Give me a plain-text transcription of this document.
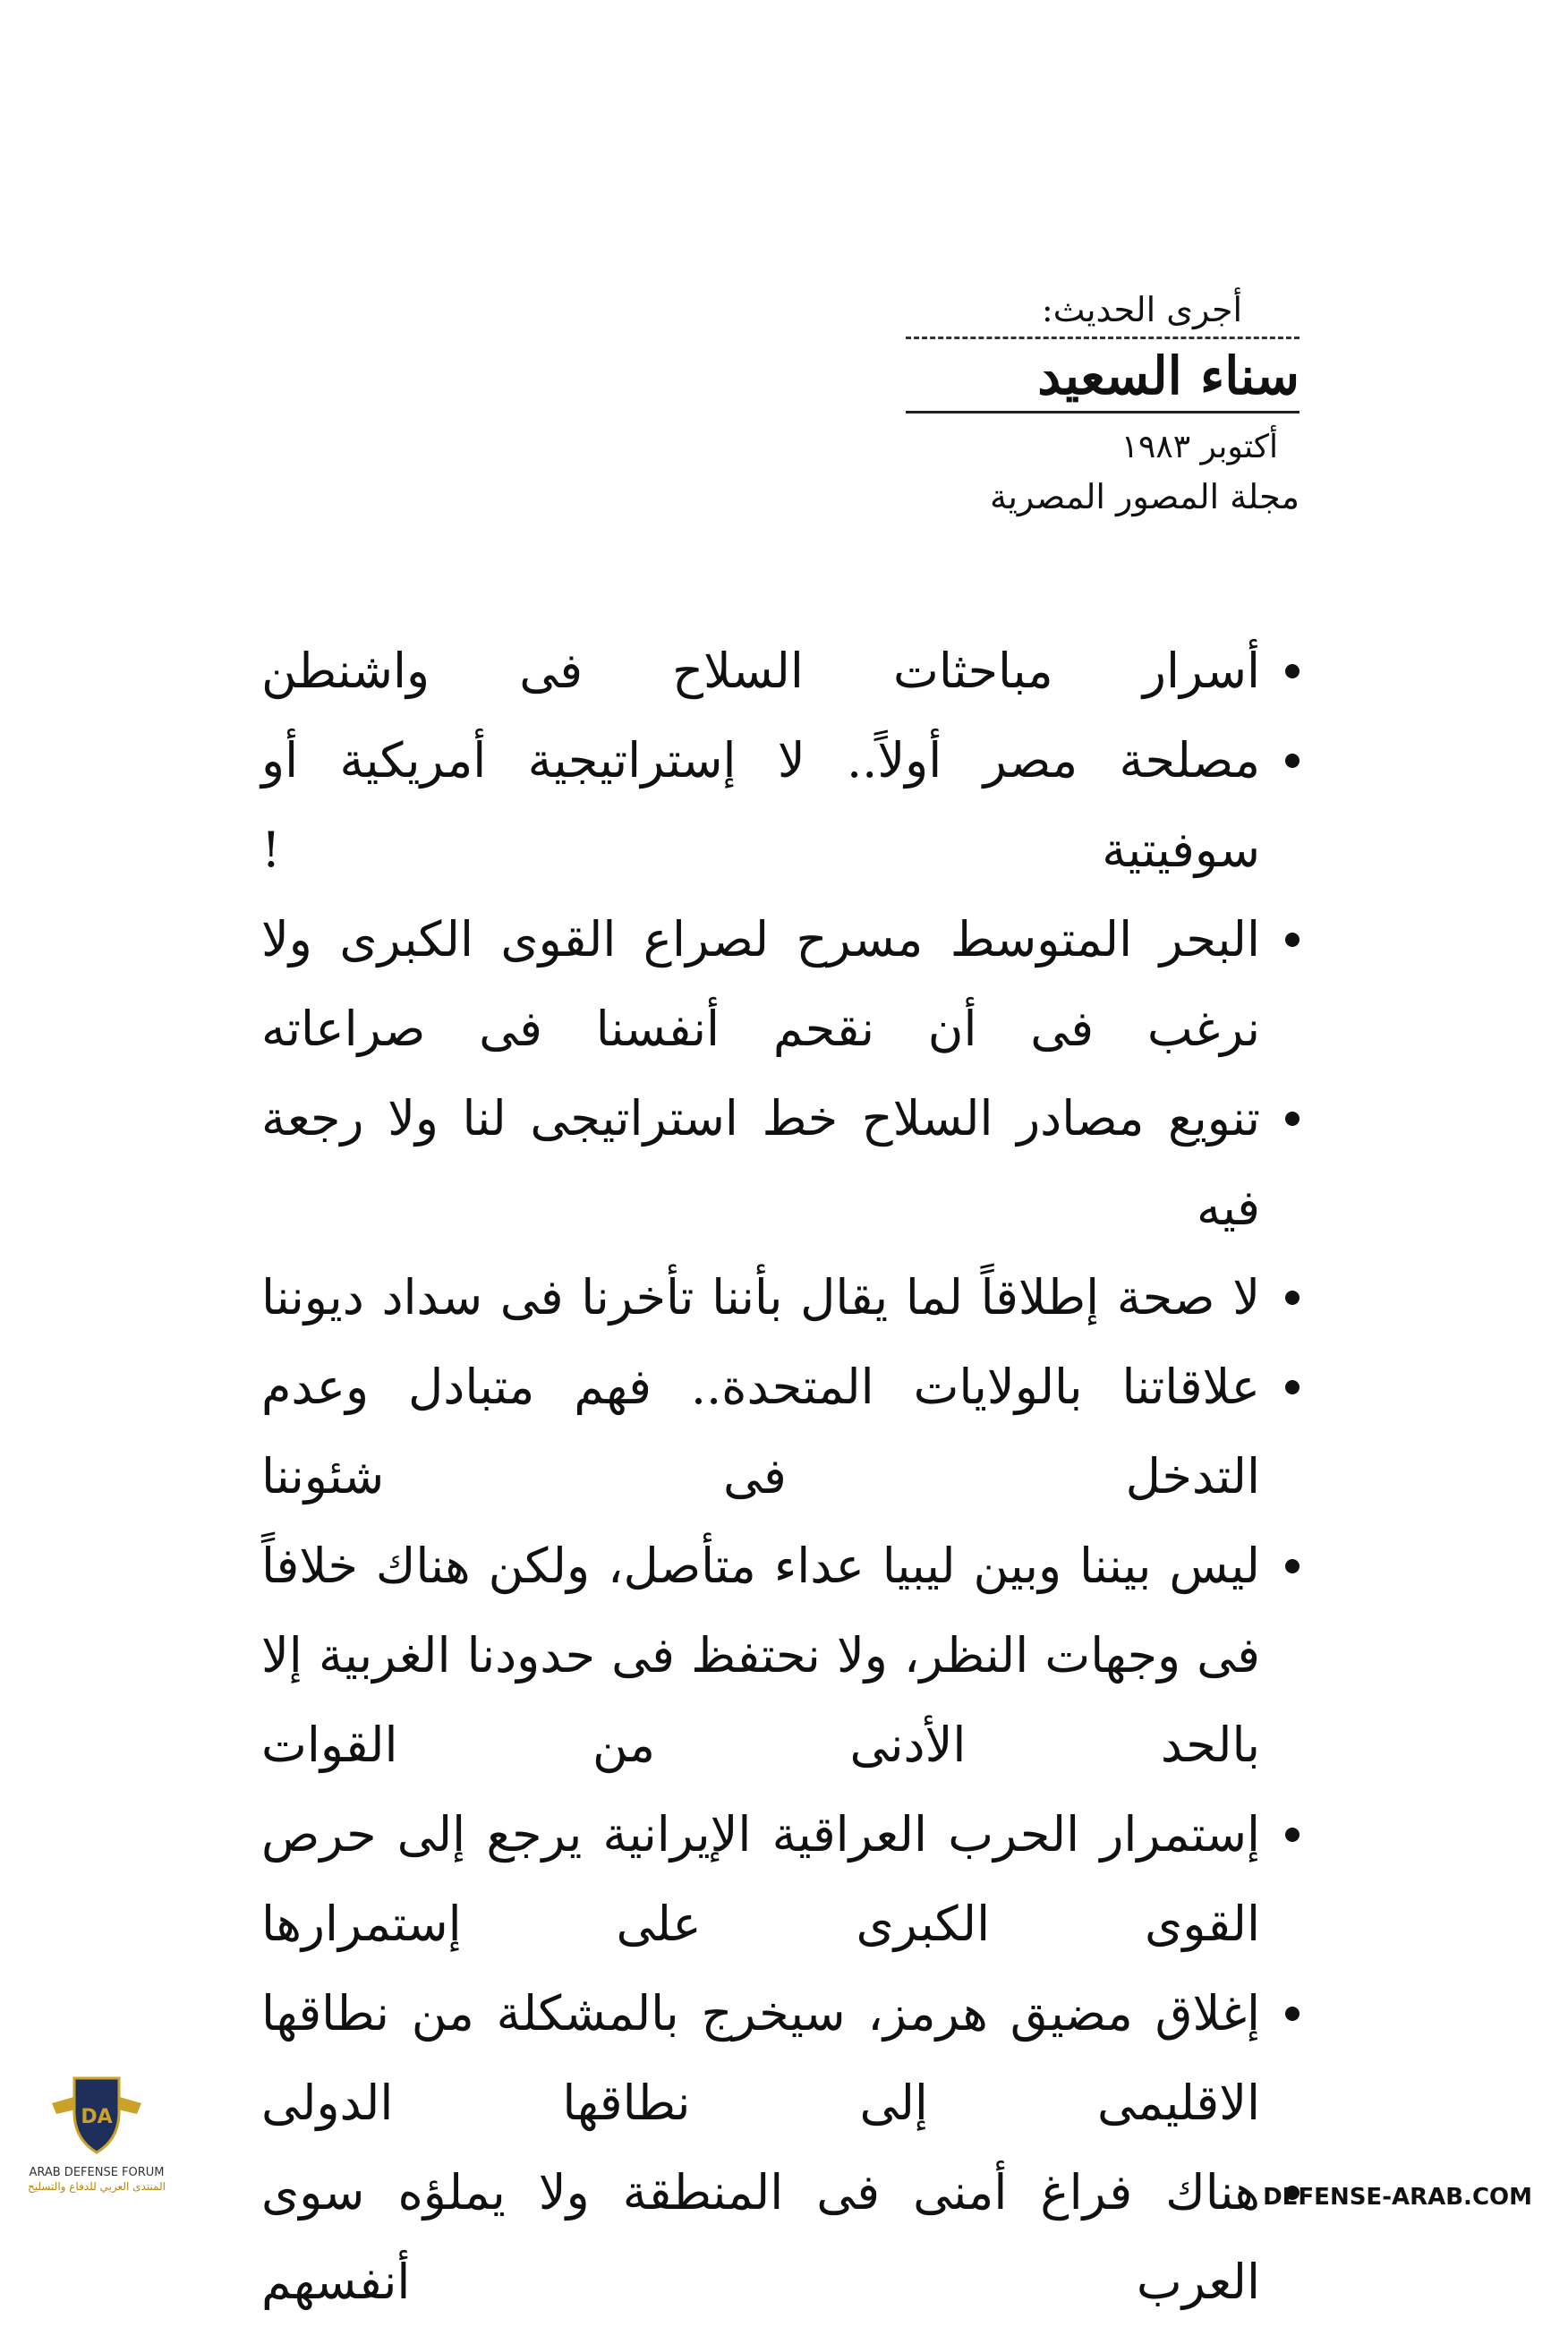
أجرى الحديث:
سناء السعيد
أكتوبر ١٩٨٣
مجلة المصور المصرية
أسرار مباحثات السلاح فى واشنطن
مصلحة مصر أولاً.. لا إستراتيجية أمريكية أو سوفيتية !
البحر المتوسط مسرح لصراع القوى الكبرى ولا نرغب فى أن نقحم أنفسنا فى صراعاته
تنويع مصادر السلاح خط استراتيجى لنا ولا رجعة فيه
لا صحة إطلاقاً لما يقال بأننا تأخرنا فى سداد ديوننا
علاقاتنا بالولايات المتحدة.. فهم متبادل وعدم التدخل فى شئوننا
ليس بيننا وبين ليبيا عداء متأصل، ولكن هناك خلافاً فى وجهات النظر، ولا نحتفظ فى حدودنا الغربية إلا بالحد الأدنى من القوات
إستمرار الحرب العراقية الإيرانية يرجع إلى حرص القوى الكبرى على إستمرارها
إغلاق مضيق هرمز، سيخرج بالمشكلة من نطاقها الاقليمى إلى نطاقها الدولى
هناك فراغ أمنى فى المنطقة ولا يملؤه سوى العرب أنفسهم
DA
ARAB DEFENSE FORUM
المنتدى العربي للدفاع والتسليح	DEFENSE-ARAB.COM
